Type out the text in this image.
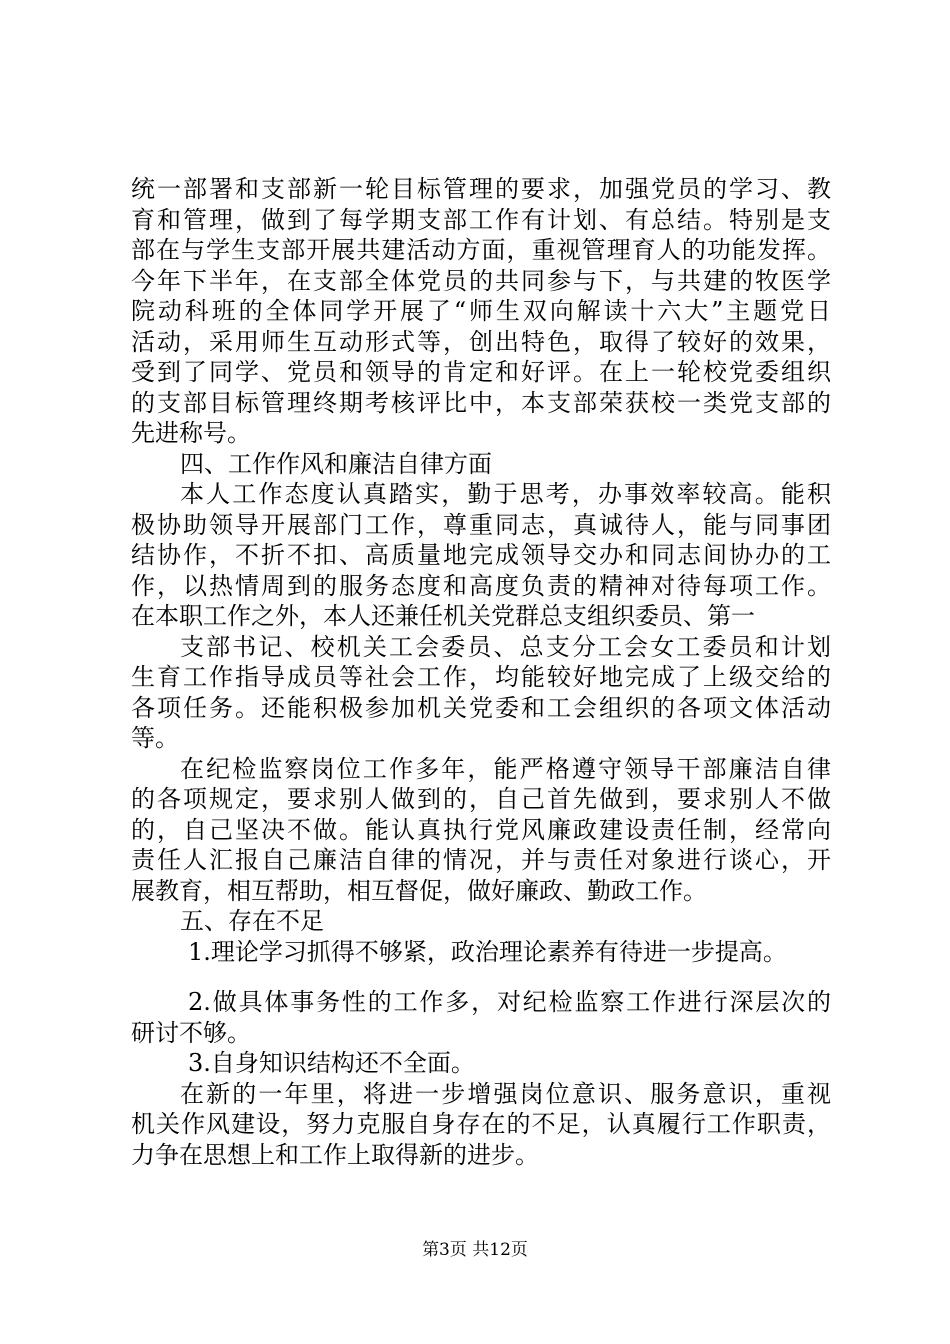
统一部署和支部新一轮目标管理的要求，加强党员的学习、教
育和管理，做到了每学期支部工作有计划、有总结。特别是支
部在与学生支部开展共建活动方面，重视管理育人的功能发挥。
今年下半年，在支部全体党员的共同参与下，与共建的牧医学
院动科班的全体同学开展了“师生双向解读十六大”主题党日
活动，采用师生互动形式等，创出特色，取得了较好的效果，
受到了同学、党员和领导的肯定和好评。在上一轮校党委组织
的支部目标管理终期考核评比中，本支部荣获校一类党支部的
先进称号。
四、工作作风和廉洁自律方面
本人工作态度认真踏实，勤于思考，办事效率较高。能积
极协助领导开展部门工作，尊重同志，真诚待人，能与同事团
结协作，不折不扣、高质量地完成领导交办和同志间协办的工
作，以热情周到的服务态度和高度负责的精神对待每项工作。
在本职工作之外，本人还兼任机关党群总支组织委员、第一
支部书记、校机关工会委员、总支分工会女工委员和计划
生育工作指导成员等社会工作，均能较好地完成了上级交给的
各项任务。还能积极参加机关党委和工会组织的各项文体活动
等。
在纪检监察岗位工作多年，能严格遵守领导干部廉洁自律
的各项规定，要求别人做到的，自己首先做到，要求别人不做
的，自己坚决不做。能认真执行党风廉政建设责任制，经常向
责任人汇报自己廉洁自律的情况，并与责任对象进行谈心，开
展教育，相互帮助，相互督促，做好廉政、勤政工作。
五、存在不足
1.理论学习抓得不够紧，政治理论素养有待进一步提高。
2.做具体事务性的工作多，对纪检监察工作进行深层次的
研讨不够。
3.自身知识结构还不全面。
在新的一年里，将进一步增强岗位意识、服务意识，重视
机关作风建设，努力克服自身存在的不足，认真履行工作职责，
力争在思想上和工作上取得新的进步。
第3页 共12页
